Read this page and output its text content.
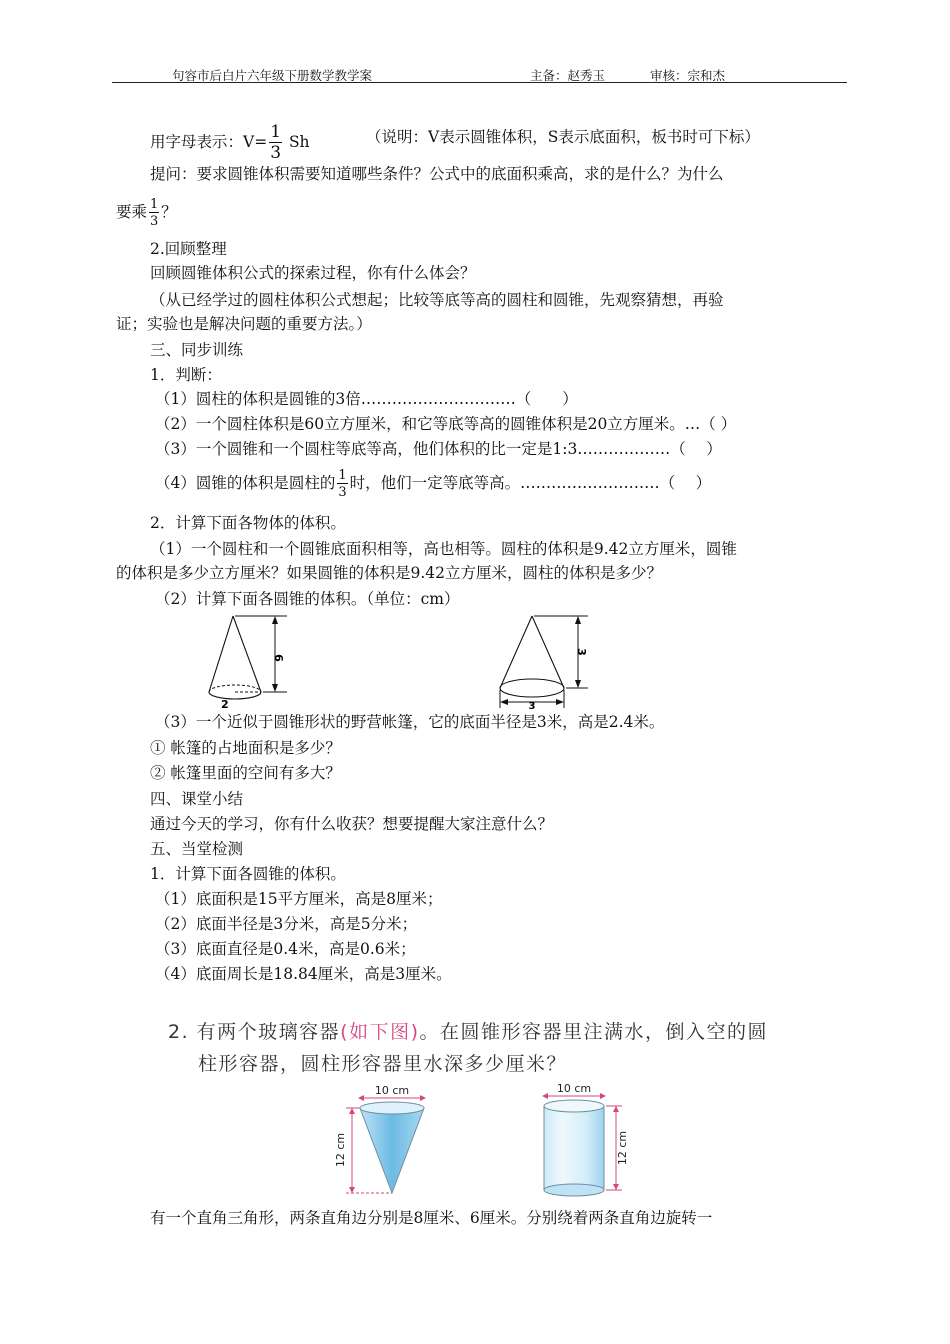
句容市后白片六年级下册数学教学案	主备：赵秀玉	审核：宗和杰
用字母表示：$V= \frac{1}{3}$ Sh	（说明：V表示圆锥体积，S表示底面积，板书时可下标）
提问：要求圆锥体积需要知道哪些条件？公式中的底面积乘高，求的是什么？为什么
要乘 $\frac{1}{3}$ ？
2.回顾整理
回顾圆锥体积公式的探索过程，你有什么体会？
（从已经学过的圆柱体积公式想起；比较等底等高的圆柱和圆锥，先观察猜想，再验
证；实验也是解决问题的重要方法。）
三、同步训练
1．判断：
（1）圆柱的体积是圆锥的3倍…………………………（　　）
（2）一个圆柱体积是60立方厘米，和它等底等高的圆锥体积是20立方厘米。…（ ）
（3）一个圆锥和一个圆柱等底等高，他们体积的比一定是1:3………………（　 ）
（4）圆锥的体积是圆柱的 $\frac{1}{3}$ 时，他们一定等底等高。………………………（　 ）
2．计算下面各物体的体积。
（1）一个圆柱和一个圆锥底面积相等，高也相等。圆柱的体积是9.42立方厘米，圆锥
的体积是多少立方厘米？如果圆锥的体积是9.42立方厘米，圆柱的体积是多少？
（2）计算下面各圆锥的体积。（单位：cm）
6
2
3
3
（3）一个近似于圆锥形状的野营帐篷，它的底面半径是3米，高是2.4米。
① 帐篷的占地面积是多少？
② 帐篷里面的空间有多大？
四、课堂小结
通过今天的学习，你有什么收获？想要提醒大家注意什么？
五、当堂检测
1．计算下面各圆锥的体积。
（1）底面积是15平方厘米，高是8厘米；
（2）底面半径是3分米，高是5分米；
（3）底面直径是0.4米，高是0.6米；
（4）底面周长是18.84厘米，高是3厘米。
2. 有两个玻璃容器(如下图)。在圆锥形容器里注满水，倒入空的圆
柱形容器，圆柱形容器里水深多少厘米？
10 cm
12 cm
10 cm
12 cm
有一个直角三角形，两条直角边分别是8厘米、6厘米。分别绕着两条直角边旋转一
